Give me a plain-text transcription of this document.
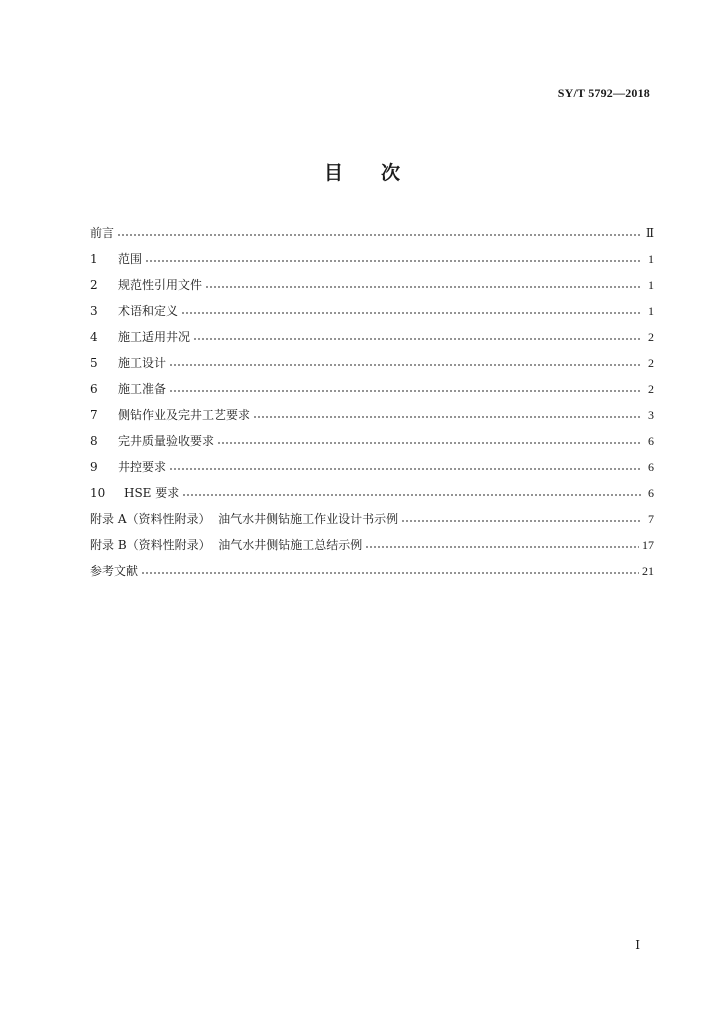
SY/T 5792—2018
目 次
前言	Ⅱ
1 范围	1
2 规范性引用文件	1
3 术语和定义	1
4 施工适用井况	2
5 施工设计	2
6 施工准备	2
7 侧钻作业及完井工艺要求	3
8 完井质量验收要求	6
9 井控要求	6
10 HSE 要求	6
附录 A（资料性附录）  油气水井侧钻施工作业设计书示例	7
附录 B（资料性附录）  油气水井侧钻施工总结示例	17
参考文献	21
Ⅰ
